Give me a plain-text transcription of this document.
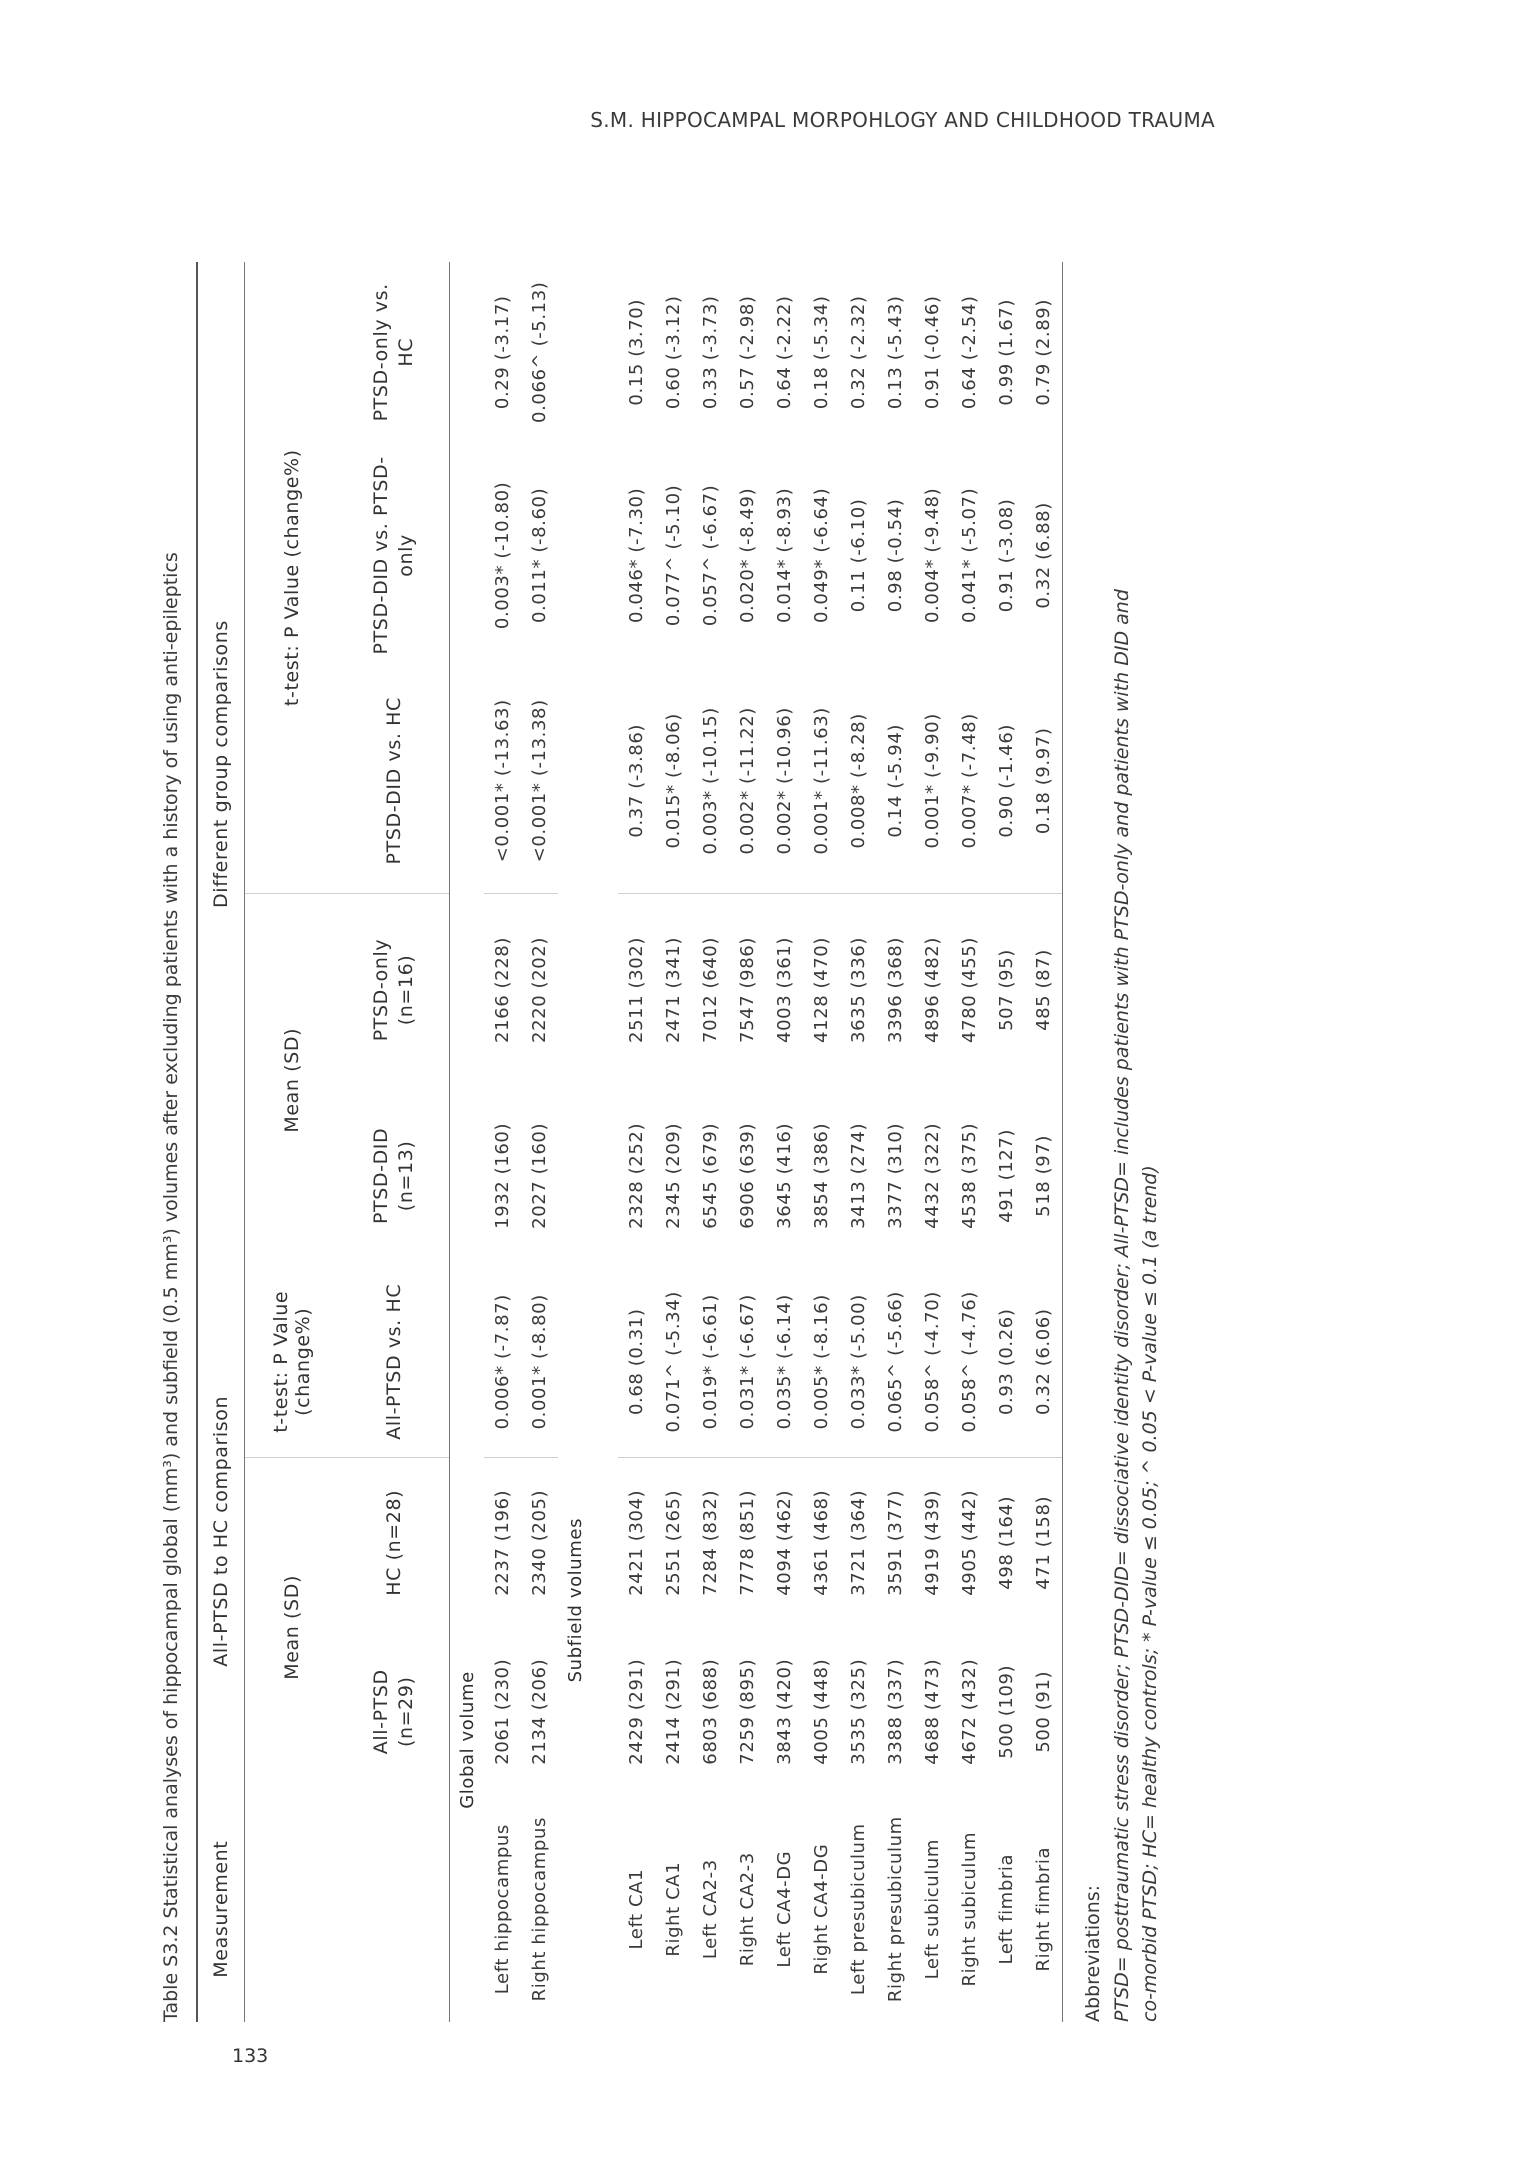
S.M. HIPPOCAMPAL MORPOHLOGY AND CHILDHOOD TRAUMA
Table S3.2 Statistical analyses of hippocampal global (mm³) and subfield (0.5 mm³) volumes after excluding patients with a history of using anti-epileptics Measurement	All-PTSD to HC comparison			Different group comparisons				
	Mean (SD)		t-test: P Value (change%)	Mean (SD)		t-test: P Value (change%)		
	All-PTSD (n=29)	HC (n=28)	All-PTSD vs. HC	PTSD-DID (n=13)	PTSD-only (n=16)	PTSD-DID vs. HC	PTSD-DID vs. PTSD-only	PTSD-only vs. HC
Global volume								
Left hippocampus	2061 (230)	2237 (196)	0.006* (-7.87)	1932 (160)	2166 (228)	<0.001* (-13.63)	0.003* (-10.80)	0.29 (-3.17)
Right hippocampus	2134 (206)	2340 (205)	0.001* (-8.80)	2027 (160)	2220 (202)	<0.001* (-13.38)	0.011* (-8.60)	0.066^ (-5.13)
Subfield volumes								

Left CA1	2429 (291)	2421 (304)	0.68 (0.31)	2328 (252)	2511 (302)	0.37 (-3.86)	0.046* (-7.30)	0.15 (3.70)
Right CA1	2414 (291)	2551 (265)	0.071^ (-5.34)	2345 (209)	2471 (341)	0.015* (-8.06)	0.077^ (-5.10)	0.60 (-3.12)
Left CA2-3	6803 (688)	7284 (832)	0.019* (-6.61)	6545 (679)	7012 (640)	0.003* (-10.15)	0.057^ (-6.67)	0.33 (-3.73)
Right CA2-3	7259 (895)	7778 (851)	0.031* (-6.67)	6906 (639)	7547 (986)	0.002* (-11.22)	0.020* (-8.49)	0.57 (-2.98)
Left CA4-DG	3843 (420)	4094 (462)	0.035* (-6.14)	3645 (416)	4003 (361)	0.002* (-10.96)	0.014* (-8.93)	0.64 (-2.22)
Right CA4-DG	4005 (448)	4361 (468)	0.005* (-8.16)	3854 (386)	4128 (470)	0.001* (-11.63)	0.049* (-6.64)	0.18 (-5.34)
Left presubiculum	3535 (325)	3721 (364)	0.033* (-5.00)	3413 (274)	3635 (336)	0.008* (-8.28)	0.11 (-6.10)	0.32 (-2.32)
Right presubiculum	3388 (337)	3591 (377)	0.065^ (-5.66)	3377 (310)	3396 (368)	0.14 (-5.94)	0.98 (-0.54)	0.13 (-5.43)
Left subiculum	4688 (473)	4919 (439)	0.058^ (-4.70)	4432 (322)	4896 (482)	0.001* (-9.90)	0.004* (-9.48)	0.91 (-0.46)
Right subiculum	4672 (432)	4905 (442)	0.058^ (-4.76)	4538 (375)	4780 (455)	0.007* (-7.48)	0.041* (-5.07)	0.64 (-2.54)
Left fimbria	500 (109)	498 (164)	0.93 (0.26)	491 (127)	507 (95)	0.90 (-1.46)	0.91 (-3.08)	0.99 (1.67)
Right fimbria	500 (91)	471 (158)	0.32 (6.06)	518 (97)	485 (87)	0.18 (9.97)	0.32 (6.88)	0.79 (2.89)
Abbreviations: PTSD= posttraumatic stress disorder; PTSD-DID= dissociative identity disorder; All-PTSD= includes patients with PTSD-only and patients with DID and co-morbid PTSD; HC= healthy controls; * P-value ≤ 0.05; ^ 0.05 < P-value ≤ 0.1 (a trend)
133
